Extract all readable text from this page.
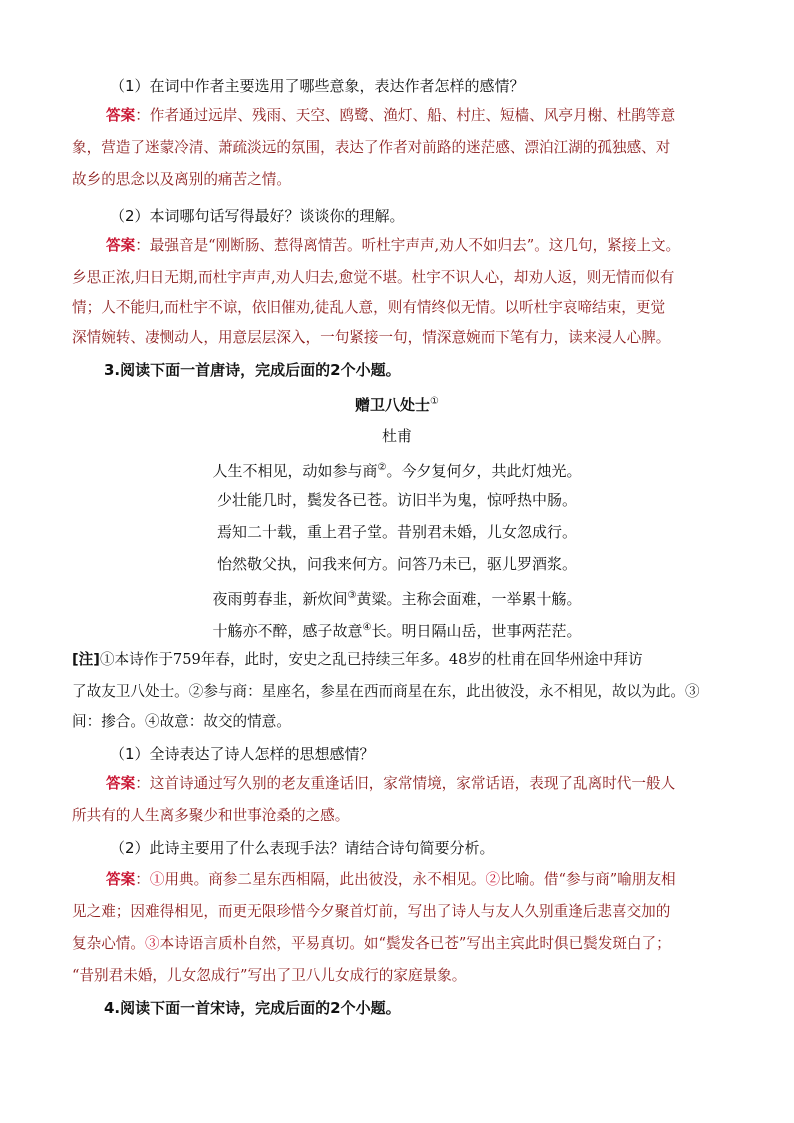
（1）在词中作者主要选用了哪些意象，表达作者怎样的感情？
答案：作者通过远岸、残雨、天空、鸥鹭、渔灯、船、村庄、短樯、风亭月榭、杜鹃等意
象，营造了迷蒙冷清、萧疏淡远的氛围，表达了作者对前路的迷茫感、漂泊江湖的孤独感、对
故乡的思念以及离别的痛苦之情。
（2）本词哪句话写得最好？谈谈你的理解。
答案：最强音是“刚断肠、惹得离情苦。听杜宇声声,劝人不如归去”。这几句，紧接上文。
乡思正浓,归日无期,而杜宇声声,劝人归去,愈觉不堪。杜宇不识人心，却劝人返，则无情而似有
情；人不能归,而杜宇不谅，依旧催劝,徒乱人意，则有情终似无情。以听杜宇哀啼结束，更觉
深情婉转、凄恻动人，用意层层深入，一句紧接一句，情深意婉而下笔有力，读来浸人心脾。
3.阅读下面一首唐诗，完成后面的2个小题。
赠卫八处士①
杜甫
人生不相见，动如参与商②。今夕复何夕，共此灯烛光。
少壮能几时，鬓发各已苍。访旧半为鬼，惊呼热中肠。
焉知二十载，重上君子堂。昔别君未婚，儿女忽成行。
怡然敬父执，问我来何方。问答乃未已，驱儿罗酒浆。
夜雨剪春韭，新炊间③黄粱。主称会面难，一举累十觞。
十觞亦不醉，感子故意④长。明日隔山岳，世事两茫茫。
[注]①本诗作于759年春，此时，安史之乱已持续三年多。48岁的杜甫在回华州途中拜访
了故友卫八处士。②参与商：星座名，参星在西而商星在东，此出彼没，永不相见，故以为此。③
间：掺合。④故意：故交的情意。
（1）全诗表达了诗人怎样的思想感情？
答案：这首诗通过写久别的老友重逢话旧，家常情境，家常话语，表现了乱离时代一般人
所共有的人生离多聚少和世事沧桑的之感。
（2）此诗主要用了什么表现手法？请结合诗句简要分析。
答案：①用典。商参二星东西相隔，此出彼没，永不相见。②比喻。借“参与商”喻朋友相
见之难；因难得相见，而更无限珍惜今夕聚首灯前，写出了诗人与友人久别重逢后悲喜交加的
复杂心情。③本诗语言质朴自然，平易真切。如“鬓发各已苍”写出主宾此时俱已鬓发斑白了；
“昔别君未婚，儿女忽成行”写出了卫八儿女成行的家庭景象。
4.阅读下面一首宋诗，完成后面的2个小题。
